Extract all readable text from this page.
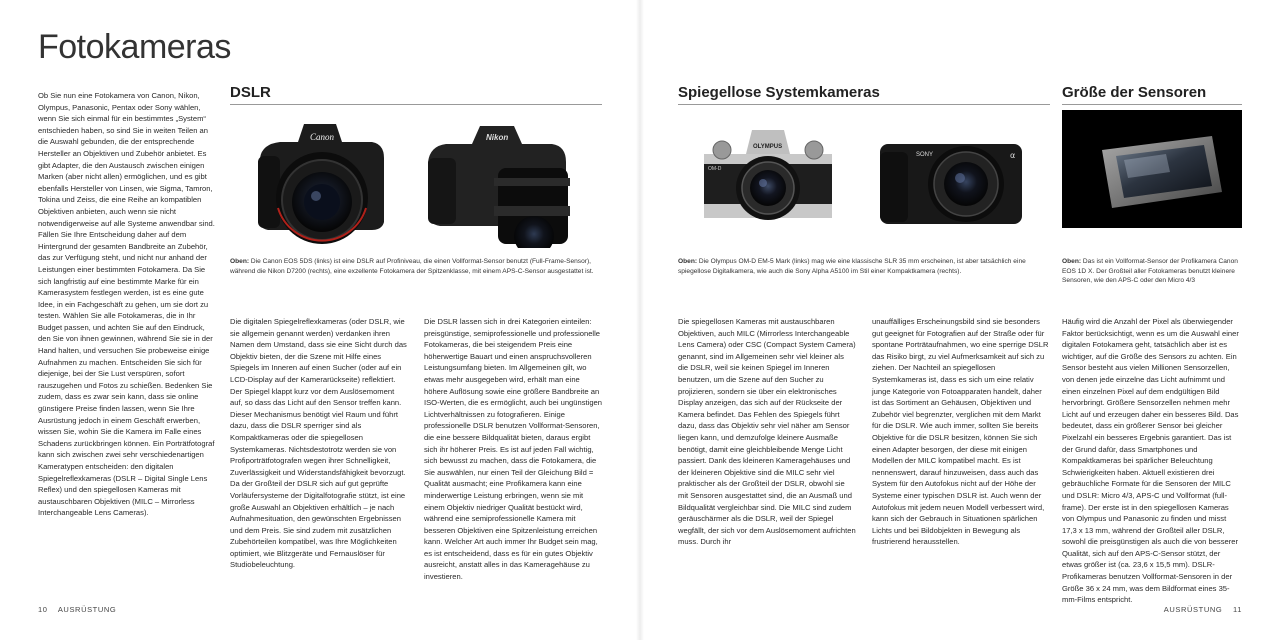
Fotokameras
Ob Sie nun eine Fotokamera von Canon, Nikon, Olympus, Panasonic, Pentax oder Sony wählen, wenn Sie sich einmal für ein bestimmtes „System“ entschieden haben, so sind Sie in weiten Teilen an die Auswahl gebunden, die der entsprechende Hersteller an Objektiven und Zubehör anbietet. Es gibt Adapter, die den Austausch zwischen einigen Marken (aber nicht allen) ermöglichen, und es gibt ebenfalls Hersteller von Linsen, wie Sigma, Tamron, Tokina und Zeiss, die eine Reihe an kompatiblen Objektiven anbieten, auch wenn sie nicht notwendigerweise auf alle Systeme anwendbar sind. Fällen Sie Ihre Entscheidung daher auf dem Hintergrund der gesamten Bandbreite an Zubehör, das zur Verfügung steht, und nicht nur anhand der Leistungen einer bestimmten Fotokamera. Da Sie sich langfristig auf eine bestimmte Marke für ein Kamerasystem festlegen werden, ist es eine gute Idee, in ein Fachgeschäft zu gehen, um sie dort zu testen. Wählen Sie alle Fotokameras, die in Ihr Budget passen, und achten Sie auf den Eindruck, den Sie von ihnen gewinnen, während Sie sie in der Hand halten, und versuchen Sie probeweise einige Aufnahmen zu machen. Entscheiden Sie sich für diejenige, bei der Sie Lust verspüren, sofort rauszugehen und Fotos zu schießen. Bedenken Sie zudem, dass es zwar sein kann, dass sie online günstigere Preise finden lassen, wenn Sie Ihre Ausrüstung jedoch in einem Geschäft erwerben, wissen Sie, wohin Sie die Kamera im Falle eines Schadens zurückbringen können. Ein Porträtfotograf kann sich zwischen zwei sehr verschiedenartigen Kameratypen entscheiden: den digitalen Spiegelreflexkameras (DSLR – Digital Single Lens Reflex) und den spiegellosen Kameras mit austauschbaren Objektiven (MILC – Mirrorless Interchangeable Lens Cameras).
DSLR
Canon	Nikon
Oben: Die Canon EOS 5DS (links) ist eine DSLR auf Profiniveau, die einen Vollformat-Sensor benutzt (Full-Frame-Sensor), während die Nikon D7200 (rechts), eine exzellente Fotokamera der Spitzenklasse, mit einem APS-C-Sensor ausgestattet ist.
Die digitalen Spiegelreflexkameras (oder DSLR, wie sie allgemein genannt werden) verdanken ihren Namen dem Umstand, dass sie eine Sicht durch das Objektiv bieten, der die Szene mit Hilfe eines Spiegels im Inneren auf einen Sucher (oder auf ein LCD-Display auf der Kamerarückseite) reflektiert. Der Spiegel klappt kurz vor dem Auslösemoment auf, so dass das Licht auf den Sensor treffen kann. Dieser Mechanismus benötigt viel Raum und führt dazu, dass die DSLR sperriger sind als Kompaktkameras oder die spiegellosen Systemkameras. Nichtsdestotrotz werden sie von Profiporträtfotografen wegen ihrer Schnelligkeit, Zuverlässigkeit und Widerstandsfähigkeit bevorzugt. Da der Großteil der DSLR sich auf gut geprüfte Vorläufersysteme der Digitalfotografie stützt, ist eine große Auswahl an Objektiven erhältlich – je nach Aufnahmesituation, den gewünschten Ergebnissen und dem Preis. Sie sind zudem mit zusätzlichen Zubehörteilen kompatibel, was Ihre Möglichkeiten optimiert, wie Blitzgeräte und Fernauslöser für Studiobeleuchtung.
Die DSLR lassen sich in drei Kategorien einteilen: preisgünstige, semiprofessionelle und professionelle Fotokameras, die bei steigendem Preis eine höherwertige Bauart und einen anspruchsvolleren Leistungsumfang bieten. Im Allgemeinen gilt, wo etwas mehr ausgegeben wird, erhält man eine höhere Auflösung sowie eine größere Bandbreite an ISO-Werten, die es ermöglicht, auch bei ungünstigen Lichtverhältnissen zu fotografieren. Einige professionelle DSLR benutzen Vollformat-Sensoren, die eine bessere Bildqualität bieten, daraus ergibt sich ihr höherer Preis. Es ist auf jeden Fall wichtig, sich bewusst zu machen, dass die Fotokamera, die Sie auswählen, nur einen Teil der Gleichung Bild = Qualität ausmacht; eine Profikamera kann eine minderwertige Leistung erbringen, wenn sie mit einem Objektiv niedriger Qualität bestückt wird, während eine semiprofessionelle Kamera mit besseren Objektiven eine Spitzenleistung erreichen kann. Welcher Art auch immer Ihr Budget sein mag, es ist entscheidend, dass es für ein gutes Objektiv ausreicht, anstatt alles in das Kameragehäuse zu investieren.
10 AUSRÜSTUNG
Spiegellose Systemkameras	Größe der Sensoren
OLYMPUS
OM-D
SONY	α
Oben: Die Olympus OM-D EM-5 Mark (links) mag wie eine klassische SLR 35 mm erscheinen, ist aber tatsächlich eine spiegellose Digitalkamera, wie auch die Sony Alpha A5100 im Stil einer Kompaktkamera (rechts).
Oben: Das ist ein Vollformat-Sensor der Profikamera Canon EOS 1D X. Der Großteil aller Fotokameras benutzt kleinere Sensoren, wie den APS-C oder den Micro 4/3
Die spiegellosen Kameras mit austauschbaren Objektiven, auch MILC (Mirrorless Interchangeable Lens Camera) oder CSC (Compact System Camera) genannt, sind im Allgemeinen sehr viel kleiner als die DSLR, weil sie keinen Spiegel im Inneren benutzen, um die Szene auf den Sucher zu projizieren, sondern sie über ein elektronisches Display anzeigen, das sich auf der Rückseite der Kamera befindet. Das Fehlen des Spiegels führt dazu, dass das Objektiv sehr viel näher am Sensor liegen kann, und demzufolge kleinere Ausmaße benötigt, damit eine gleichbleibende Menge Licht passiert. Dank des kleineren Kameragehäuses und der kleineren Objektive sind die MILC sehr viel praktischer als der Großteil der DSLR, obwohl sie mit Sensoren ausgestattet sind, die an Ausmaß und Bildqualität vergleichbar sind. Die MILC sind zudem geräuschärmer als die DSLR, weil der Spiegel wegfällt, der sich vor dem Auslösemoment aufrichten muss. Durch ihr
unauffälliges Erscheinungsbild sind sie besonders gut geeignet für Fotografien auf der Straße oder für spontane Porträtaufnahmen, wo eine sperrige DSLR das Risiko birgt, zu viel Aufmerksamkeit auf sich zu ziehen. Der Nachteil an spiegellosen Systemkameras ist, dass es sich um eine relativ junge Kategorie von Fotoapparaten handelt, daher ist das Sortiment an Gehäusen, Objektiven und Zubehör viel begrenzter, verglichen mit dem Markt für die DSLR. Wie auch immer, sollten Sie bereits Objektive für die DSLR besitzen, können Sie sich einen Adapter besorgen, der diese mit einigen Modellen der MILC kompatibel macht. Es ist nennenswert, darauf hinzuweisen, dass auch das System für den Autofokus nicht auf der Höhe der Systeme einer typischen DSLR ist. Auch wenn der Autofokus mit jedem neuen Modell verbessert wird, kann sich der Gebrauch in Situationen spärlichen Lichts und bei Bildobjekten in Bewegung als frustrierend herausstellen.
Häufig wird die Anzahl der Pixel als überwiegender Faktor berücksichtigt, wenn es um die Auswahl einer digitalen Fotokamera geht, tatsächlich aber ist es wichtiger, auf die Größe des Sensors zu achten. Ein Sensor besteht aus vielen Millionen Sensorzellen, von denen jede einzelne das Licht aufnimmt und einen einzelnen Pixel auf dem endgültigen Bild hervorbringt. Größere Sensorzellen nehmen mehr Licht auf und erzeugen daher ein besseres Bild. Das bedeutet, dass ein größerer Sensor bei gleicher Pixelzahl ein besseres Ergebnis garantiert. Das ist der Grund dafür, dass Smartphones und Kompaktkameras bei spärlicher Beleuchtung Schwierigkeiten haben. Aktuell existieren drei gebräuchliche Formate für die Sensoren der MILC und DSLR: Micro 4/3, APS-C und Vollformat (full-frame). Der erste ist in den spiegellosen Kameras von Olympus und Panasonic zu finden und misst 17,3 x 13 mm, während der Großteil aller DSLR, sowohl die preisgünstigen als auch die von besserer Qualität, sich auf den APS-C-Sensor stützt, der etwas größer ist (ca. 23,6 x 15,5 mm). DSLR-Profikameras benutzen Vollformat-Sensoren in der Größe 36 x 24 mm, was dem Bildformat eines 35-mm-Films entspricht.
AUSRÜSTUNG 11
